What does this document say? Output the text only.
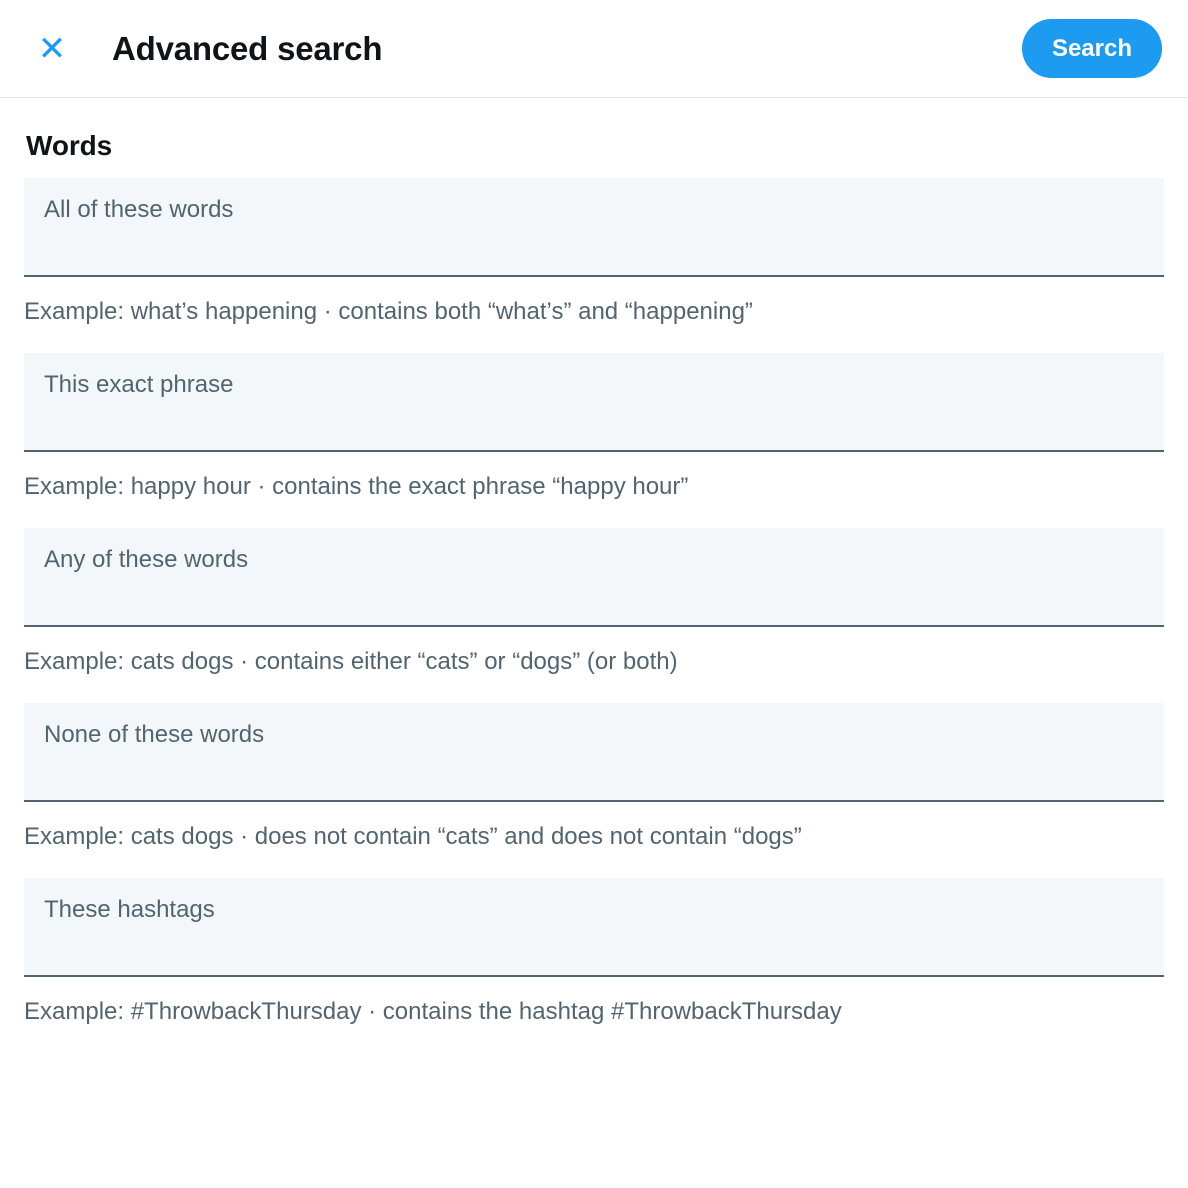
✕ Advanced search	Search
Words
All of these words
Example: what’s happening · contains both “what’s” and “happening”
This exact phrase
Example: happy hour · contains the exact phrase “happy hour”
Any of these words
Example: cats dogs · contains either “cats” or “dogs” (or both)
None of these words
Example: cats dogs · does not contain “cats” and does not contain “dogs”
These hashtags
Example: #ThrowbackThursday · contains the hashtag #ThrowbackThursday
